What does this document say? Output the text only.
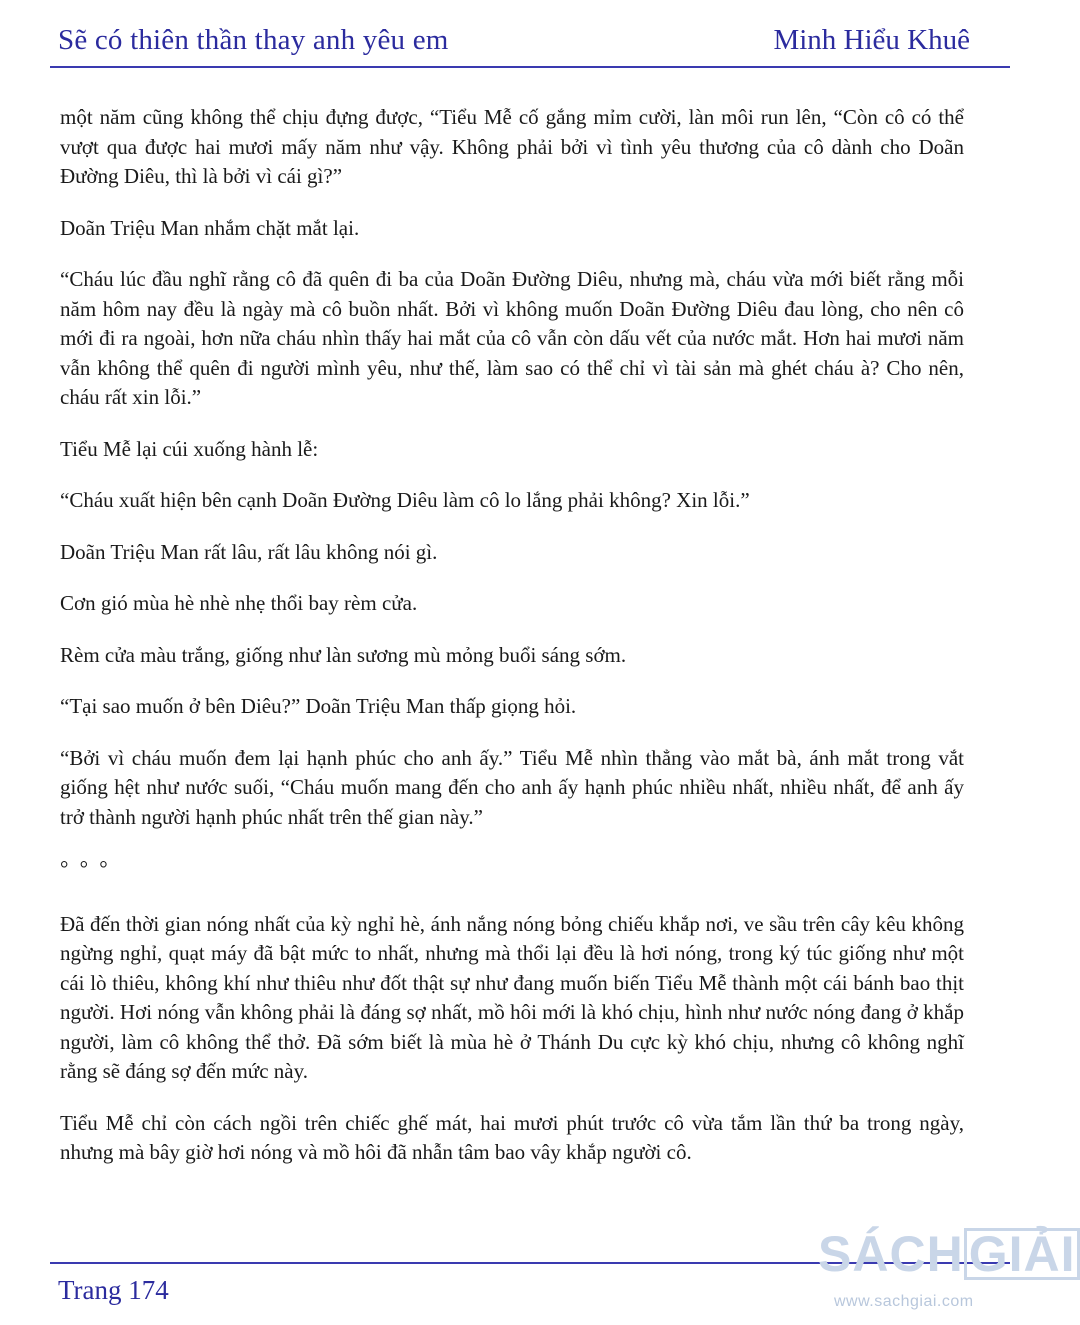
Sẽ có thiên thần thay anh yêu em	Minh Hiểu Khuê

một năm cũng không thể chịu đựng được, “Tiểu Mễ cố gắng mỉm cười, làn môi run lên, “Còn cô có thể vượt qua được hai mươi mấy năm như vậy. Không phải bởi vì tình yêu thương của cô dành cho Doãn Đường Diêu, thì là bởi vì cái gì?”

Doãn Triệu Man nhắm chặt mắt lại.

“Cháu lúc đầu nghĩ rằng cô đã quên đi ba của Doãn Đường Diêu, nhưng mà, cháu vừa mới biết rằng mỗi năm hôm nay đều là ngày mà cô buồn nhất. Bởi vì không muốn Doãn Đường Diêu đau lòng, cho nên cô mới đi ra ngoài, hơn nữa cháu nhìn thấy hai mắt của cô vẫn còn dấu vết của nước mắt. Hơn hai mươi năm vẫn không thể quên đi người mình yêu, như thế, làm sao có thể chỉ vì tài sản mà ghét cháu à? Cho nên, cháu rất xin lỗi.”

Tiểu Mễ lại cúi xuống hành lễ:

“Cháu xuất hiện bên cạnh Doãn Đường Diêu làm cô lo lắng phải không? Xin lỗi.”

Doãn Triệu Man rất lâu, rất lâu không nói gì.

Cơn gió mùa hè nhè nhẹ thổi bay rèm cửa.

Rèm cửa màu trắng, giống như làn sương mù mỏng buổi sáng sớm.

“Tại sao muốn ở bên Diêu?” Doãn Triệu Man thấp giọng hỏi.

“Bởi vì cháu muốn đem lại hạnh phúc cho anh ấy.” Tiểu Mễ nhìn thẳng vào mắt bà, ánh mắt trong vắt giống hệt như nước suối, “Cháu muốn mang đến cho anh ấy hạnh phúc nhiều nhất, nhiều nhất, để anh ấy trở thành người hạnh phúc nhất trên thế gian này.”

° ° °

Đã đến thời gian nóng nhất của kỳ nghỉ hè, ánh nắng nóng bỏng chiếu khắp nơi, ve sầu trên cây kêu không ngừng nghỉ, quạt máy đã bật mức to nhất, nhưng mà thổi lại đều là hơi nóng, trong ký túc giống như một cái lò thiêu, không khí như thiêu như đốt thật sự như đang muốn biến Tiểu Mễ thành một cái bánh bao thịt người. Hơi nóng vẫn không phải là đáng sợ nhất, mồ hôi mới là khó chịu, hình như nước nóng đang ở khắp người, làm cô không thể thở. Đã sớm biết là mùa hè ở Thánh Du cực kỳ khó chịu, nhưng cô không nghĩ rằng sẽ đáng sợ đến mức này.

Tiểu Mễ chỉ còn cách ngồi trên chiếc ghế mát, hai mươi phút trước cô vừa tắm lần thứ ba trong ngày, nhưng mà bây giờ hơi nóng và mồ hôi đã nhẫn tâm bao vây khắp người cô.

Trang 174
SÁCH GIẢI
www.sachgiai.com
